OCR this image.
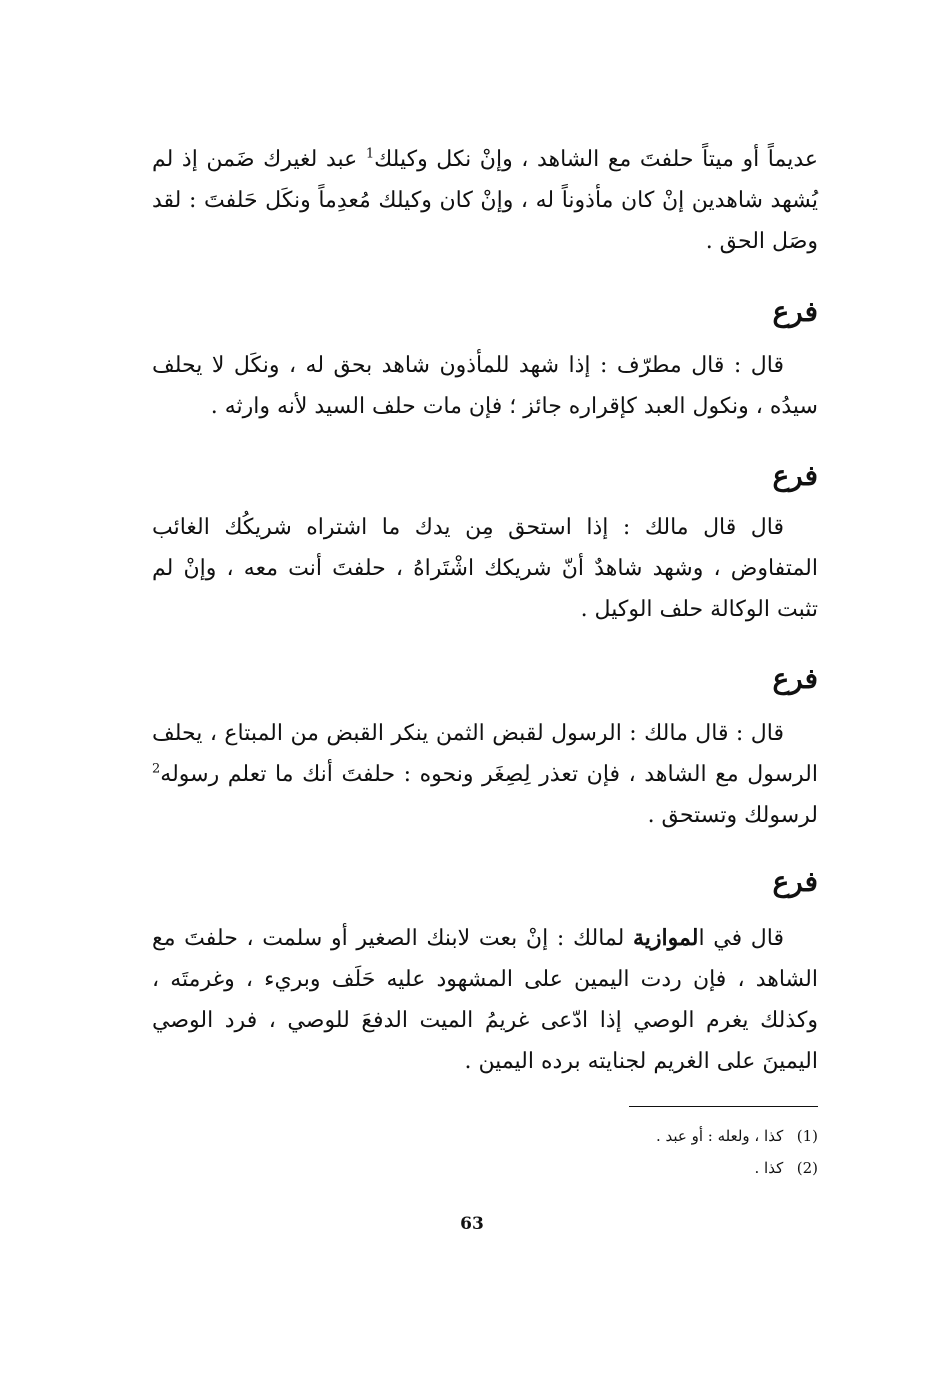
عديماً أو ميتاً حلفتَ مع الشاهد ، وإنْ نكل وكيلك$^1$ عبد لغيرك ضَمن إذ لم يُشهد شاهدين إنْ كان مأذوناً له ، وإنْ كان وكيلك مُعدِماً ونكَل حَلفتَ : لقد وصَل الحق .
فرع
قال : قال مطرّف : إذا شهد للمأذون شاهد بحق له ، ونكَل لا يحلف سيدُه ، ونكول العبد كإقراره جائز ؛ فإن مات حلف السيد لأنه وارثه .
فرع
قال قال مالك : إذا استحق مِن يدك ما اشتراه شريكُك الغائب المتفاوض ، وشهد شاهدٌ أنّ شريكك اشْتَراهُ ، حلفتَ أنت معه ، وإنْ لم تثبت الوكالة حلف الوكيل .
فرع
قال : قال مالك : الرسول لقبض الثمن ينكر القبض من المبتاع ، يحلف الرسول مع الشاهد ، فإن تعذر لِصِغَر ونحوه : حلفتَ أنك ما تعلم رسوله$^2$ لرسولك وتستحق .
فرع
قال في الموازية لمالك : إنْ بعت لابنك الصغير أو سلمت ، حلفتَ مع الشاهد ، فإن ردت اليمين على المشهود عليه حَلَف وبريء ، وغرمتَه ، وكذلك يغرم الوصي إذا ادّعى غريمُ الميت الدفعَ للوصي ، فرد الوصي اليمينَ على الغريم لجنايته برده اليمين .
(1) كذا ، ولعله : أو عبد .
(2) كذا .
63
